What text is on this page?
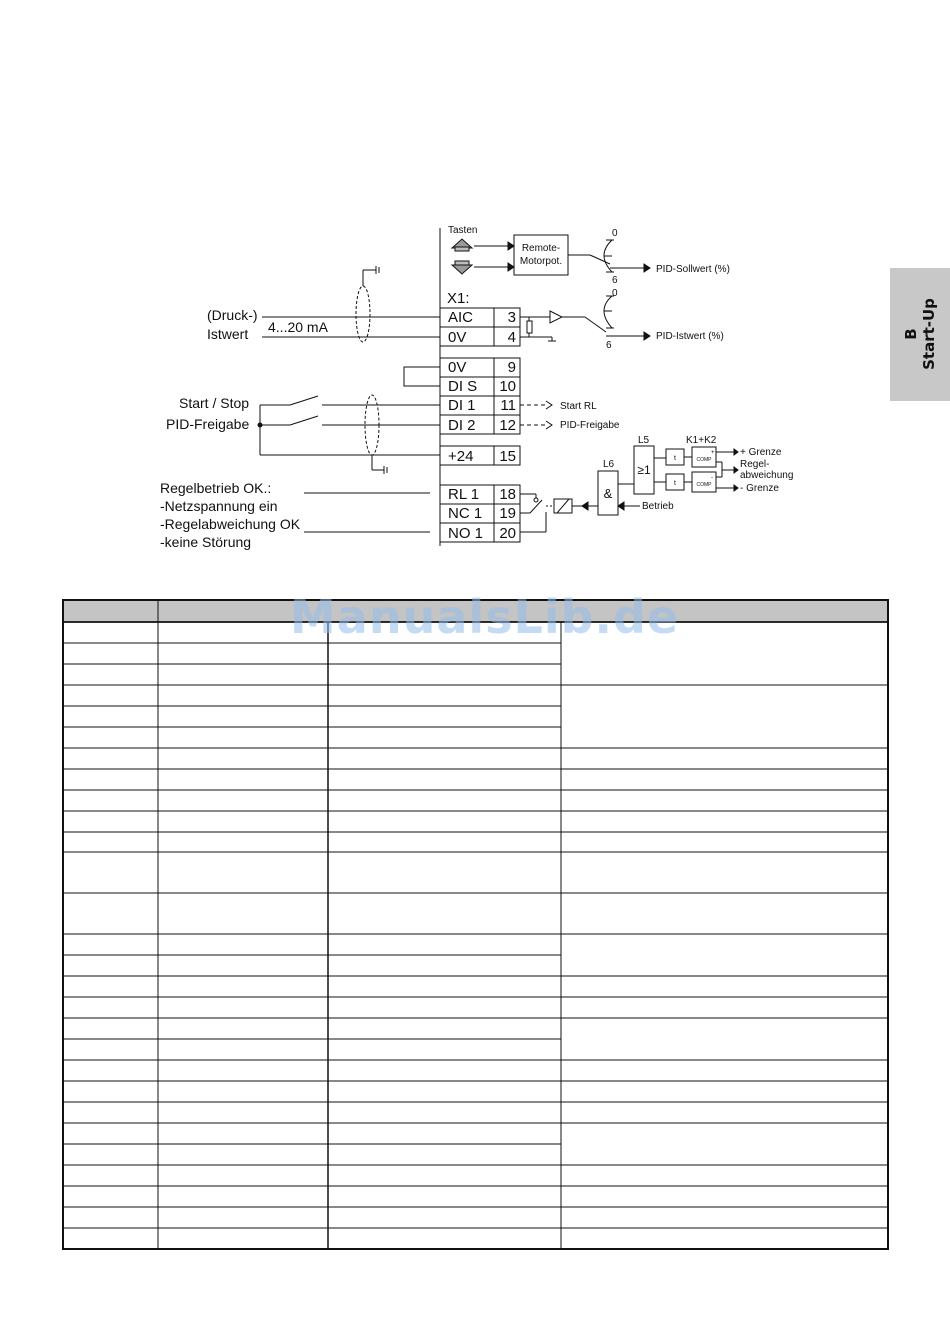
B Start-Up
Tasten
Remote-
Motorpot.
0
6
PID-Sollwert (%)
0
6
PID-Istwert (%)
X1:
(Druck-)
Istwert 4...20 mA
AIC 3
0V	4
0V	9
DI S 10
DI 1 11
DI 2 12
+24 15
RL 1 18
NC 1 19
NO 1 20
Start / Stop
PID-Freigabe
Start RL
PID-Freigabe
Regelbetrieb OK.:
-Netzspannung ein
-Regelabweichung OK
-keine Störung
L5
L6 ≥1
&
K1+K2
t
t
COMP
COMP
+
-
+ Grenze
Regel-
abweichung
- Grenze
Betrieb
ManualsLib.de
